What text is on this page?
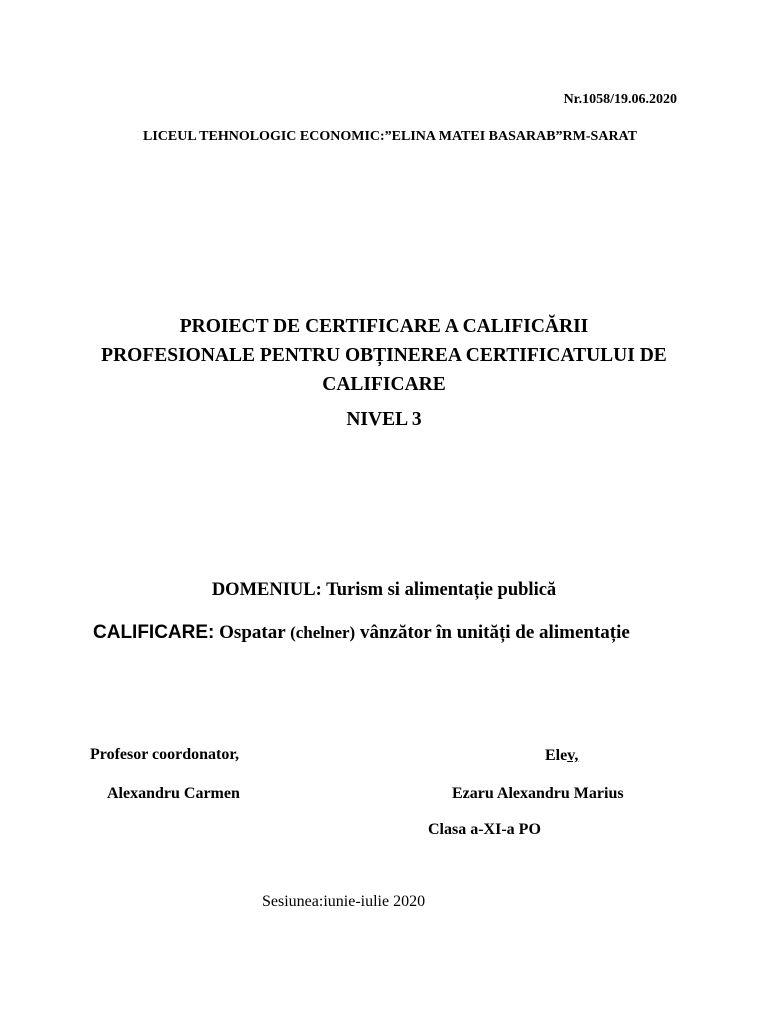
Nr.1058/19.06.2020
LICEUL TEHNOLOGIC ECONOMIC:”ELINA MATEI BASARAB”RM-SARAT
PROIECT DE CERTIFICARE A CALIFICĂRII
PROFESIONALE PENTRU OBȚINEREA CERTIFICATULUI DE
CALIFICARE
NIVEL 3
DOMENIUL: Turism si alimentație publică
CALIFICARE: Ospatar (chelner) vânzător în unități de alimentație
Profesor coordonator,
Alexandru Carmen
Elev,
Ezaru Alexandru Marius
Clasa a-XI-a PO
Sesiunea:iunie-iulie 2020
